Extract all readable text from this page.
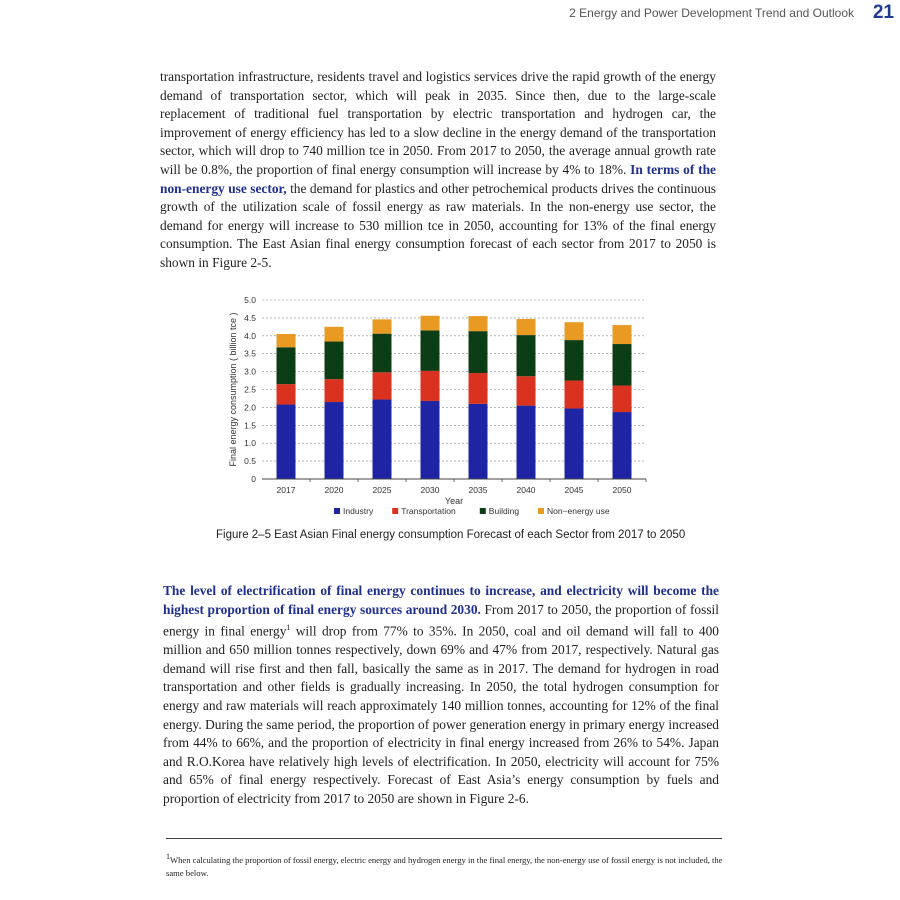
2 Energy and Power Development Trend and Outlook 21

transportation infrastructure, residents travel and logistics services drive the rapid growth of the energy demand of transportation sector, which will peak in 2035. Since then, due to the large-scale replacement of traditional fuel transportation by electric transportation and hydrogen car, the improvement of energy efficiency has led to a slow decline in the energy demand of the transportation sector, which will drop to 740 million tce in 2050. From 2017 to 2050, the average annual growth rate will be 0.8%, the proportion of final energy consumption will increase by 4% to 18%. In terms of the non-energy use sector, the demand for plastics and other petrochemical products drives the continuous growth of the utilization scale of fossil energy as raw materials. In the non-energy use sector, the demand for energy will increase to 530 million tce in 2050, accounting for 13% of the final energy consumption. The East Asian final energy consumption forecast of each sector from 2017 to 2050 is shown in Figure 2-5.

0
0.5
1.0
1.5
2.0
2.5
3.0
3.5
4.0
4.5
5.0
2017	2020	2025	2030	2035	2040	2045	2050
Final energy consumption ( billion tce )
Year
Industry	Transportation	Building	Non−energy use
Figure 2–5 East Asian Final energy consumption Forecast of each Sector from 2017 to 2050

The level of electrification of final energy continues to increase, and electricity will become the highest proportion of final energy sources around 2030. From 2017 to 2050, the proportion of fossil energy in final energy$^1$ will drop from 77% to 35%. In 2050, coal and oil demand will fall to 400 million and 650 million tonnes respectively, down 69% and 47% from 2017, respectively. Natural gas demand will rise first and then fall, basically the same as in 2017. The demand for hydrogen in road transportation and other fields is gradually increasing. In 2050, the total hydrogen consumption for energy and raw materials will reach approximately 140 million tonnes, accounting for 12% of the final energy. During the same period, the proportion of power generation energy in primary energy increased from 44% to 66%, and the proportion of electricity in final energy increased from 26% to 54%. Japan and R.O.Korea have relatively high levels of electrification. In 2050, electricity will account for 75% and 65% of final energy respectively. Forecast of East Asia’s energy consumption by fuels and proportion of electricity from 2017 to 2050 are shown in Figure 2-6.

$^1$When calculating the proportion of fossil energy, electric energy and hydrogen energy in the final energy, the non-energy use of fossil energy is not included, the same below.
